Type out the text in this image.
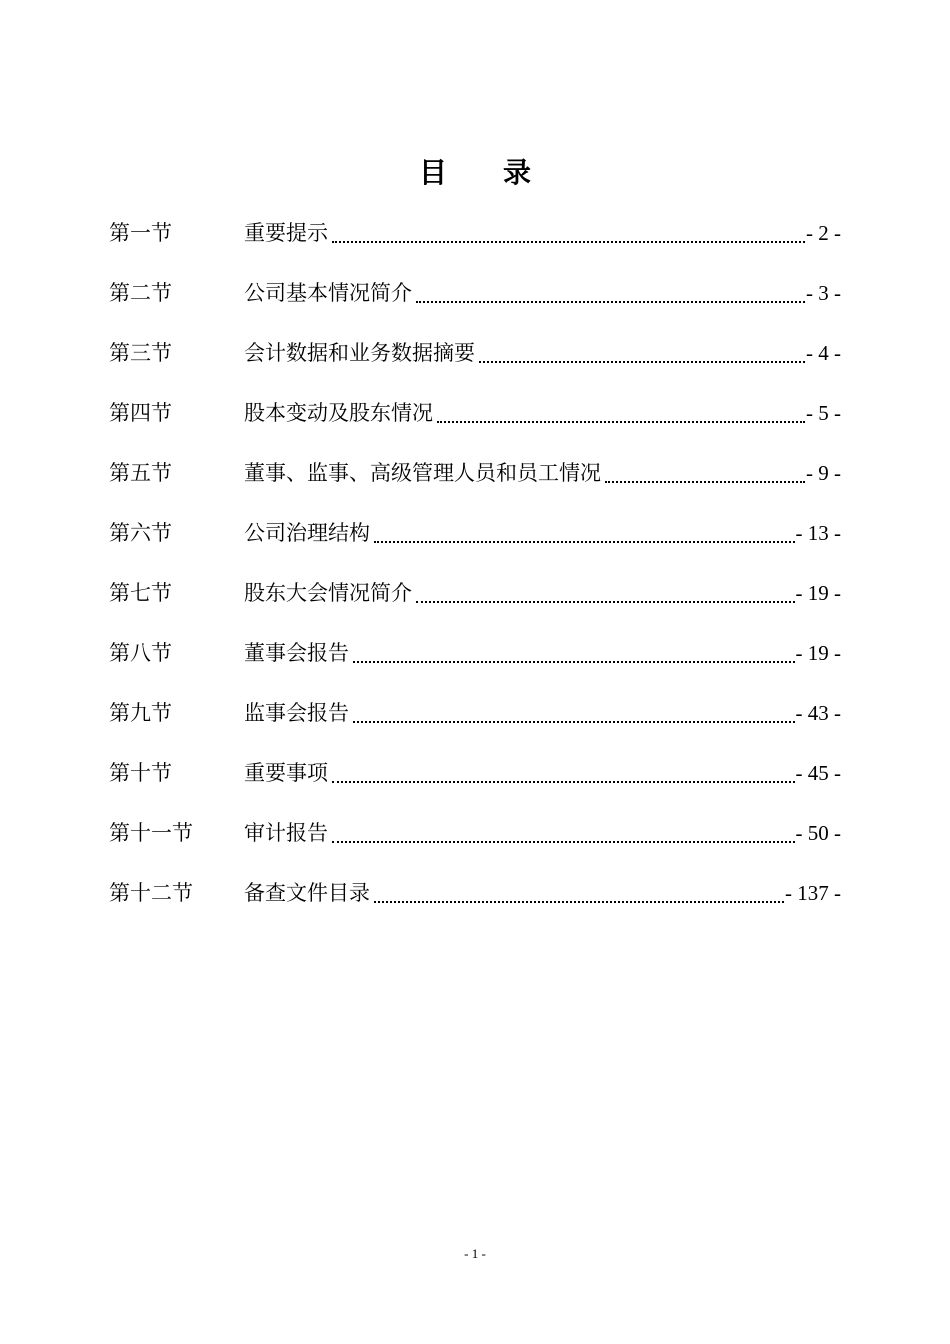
目 录
第一节	重要提示	- 2 -
第二节	公司基本情况简介	- 3 -
第三节	会计数据和业务数据摘要	- 4 -
第四节	股本变动及股东情况	- 5 -
第五节	董事、监事、高级管理人员和员工情况	- 9 -
第六节	公司治理结构	- 13 -
第七节	股东大会情况简介	- 19 -
第八节	董事会报告	- 19 -
第九节	监事会报告	- 43 -
第十节	重要事项	- 45 -
第十一节	审计报告	- 50 -
第十二节	备查文件目录	- 137 -
- 1 -
